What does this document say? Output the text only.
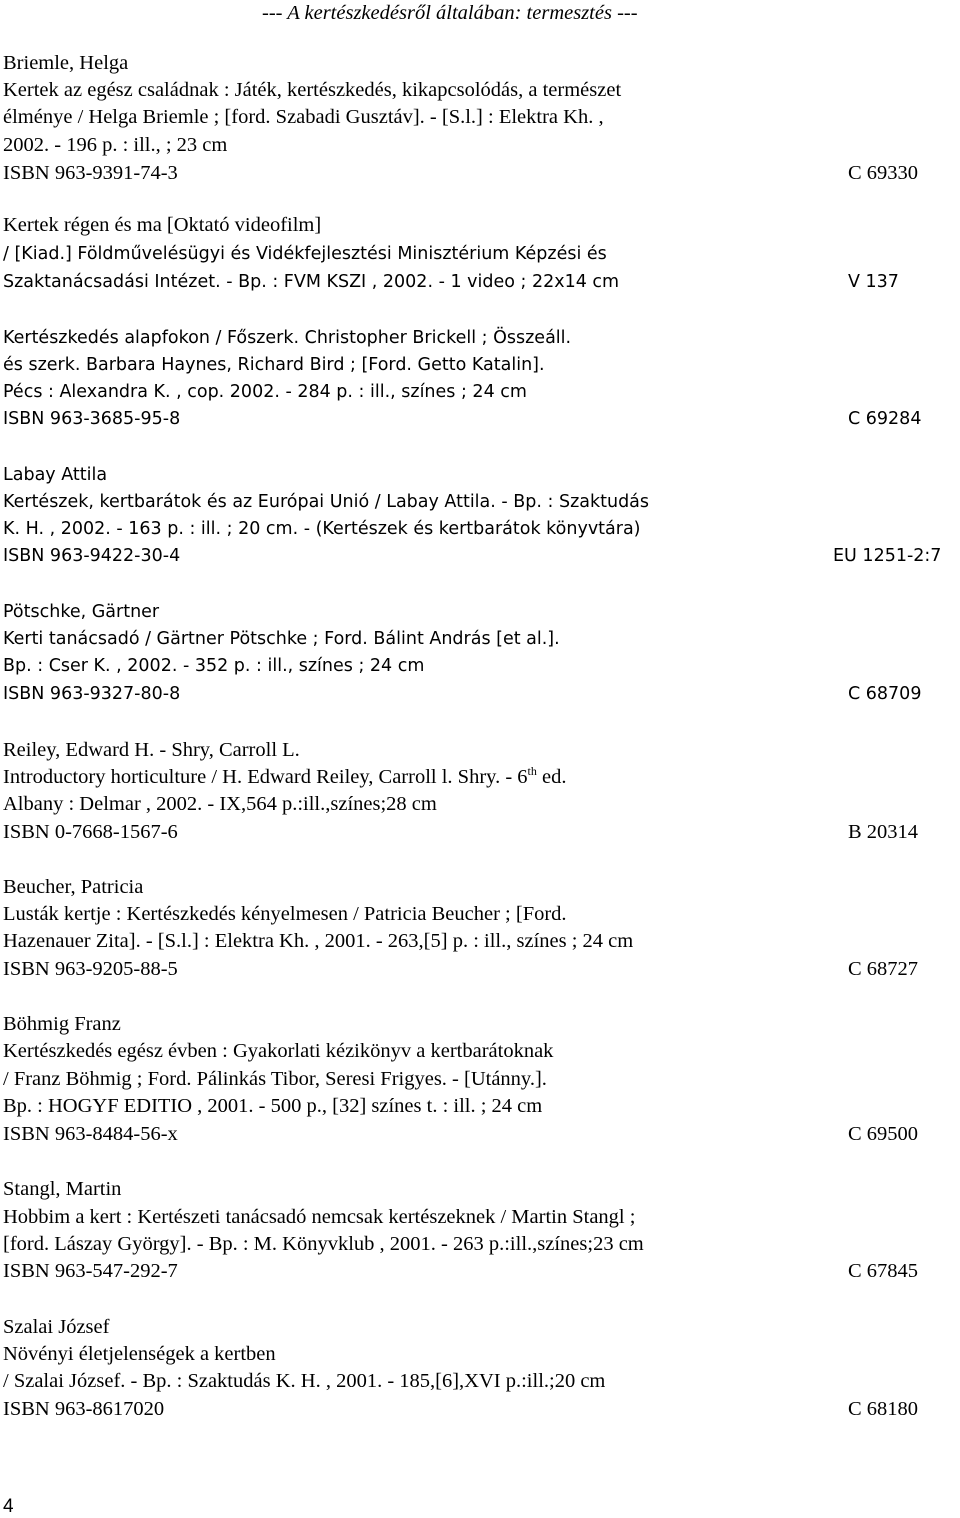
--- A kertészkedésről általában: termesztés ---
Briemle, Helga
Kertek az egész családnak : Játék, kertészkedés, kikapcsolódás, a természet
élménye / Helga Briemle ; [ford. Szabadi Gusztáv]. - [S.l.] : Elektra Kh. ,
2002. - 196 p. : ill., ; 23 cm
ISBN 963-9391-74-3	C 69330
Kertek régen és ma [Oktató videofilm]
/ [Kiad.] Földművelésügyi és Vidékfejlesztési Minisztérium Képzési és
Szaktanácsadási Intézet. - Bp. : FVM KSZI , 2002. - 1 video ; 22x14 cm	V 137
Kertészkedés alapfokon / Főszerk. Christopher Brickell ; Összeáll.
és szerk. Barbara Haynes, Richard Bird ; [Ford. Getto Katalin].
Pécs : Alexandra K. , cop. 2002. - 284 p. : ill., színes ; 24 cm
ISBN 963-3685-95-8	C 69284
Labay Attila
Kertészek, kertbarátok és az Európai Unió / Labay Attila. - Bp. : Szaktudás
K. H. , 2002. - 163 p. : ill. ; 20 cm. - (Kertészek és kertbarátok könyvtára)
ISBN 963-9422-30-4	EU 1251-2:7
Pötschke, Gärtner
Kerti tanácsadó / Gärtner Pötschke ; Ford. Bálint András [et al.].
Bp. : Cser K. , 2002. - 352 p. : ill., színes ; 24 cm
ISBN 963-9327-80-8	C 68709
Reiley, Edward H. - Shry, Carroll L.
Introductory horticulture / H. Edward Reiley, Carroll l. Shry. - 6th ed.
Albany : Delmar , 2002. - IX,564 p.:ill.,színes;28 cm
ISBN 0-7668-1567-6	B 20314
Beucher, Patricia
Lusták kertje : Kertészkedés kényelmesen / Patricia Beucher ; [Ford.
Hazenauer Zita]. - [S.l.] : Elektra Kh. , 2001. - 263,[5] p. : ill., színes ; 24 cm
ISBN 963-9205-88-5	C 68727
Böhmig Franz
Kertészkedés egész évben : Gyakorlati kézikönyv a kertbarátoknak
/ Franz Böhmig ; Ford. Pálinkás Tibor, Seresi Frigyes. - [Utánny.].
Bp. : HOGYF EDITIO , 2001. - 500 p., [32] színes t. : ill. ; 24 cm
ISBN 963-8484-56-x	C 69500
Stangl, Martin
Hobbim a kert : Kertészeti tanácsadó nemcsak kertészeknek / Martin Stangl ;
[ford. Lászay György]. - Bp. : M. Könyvklub , 2001. - 263 p.:ill.,színes;23 cm
ISBN 963-547-292-7	C 67845
Szalai József
Növényi életjelenségek a kertben
/ Szalai József. - Bp. : Szaktudás K. H. , 2001. - 185,[6],XVI p.:ill.;20 cm
ISBN 963-8617020	C 68180
4
